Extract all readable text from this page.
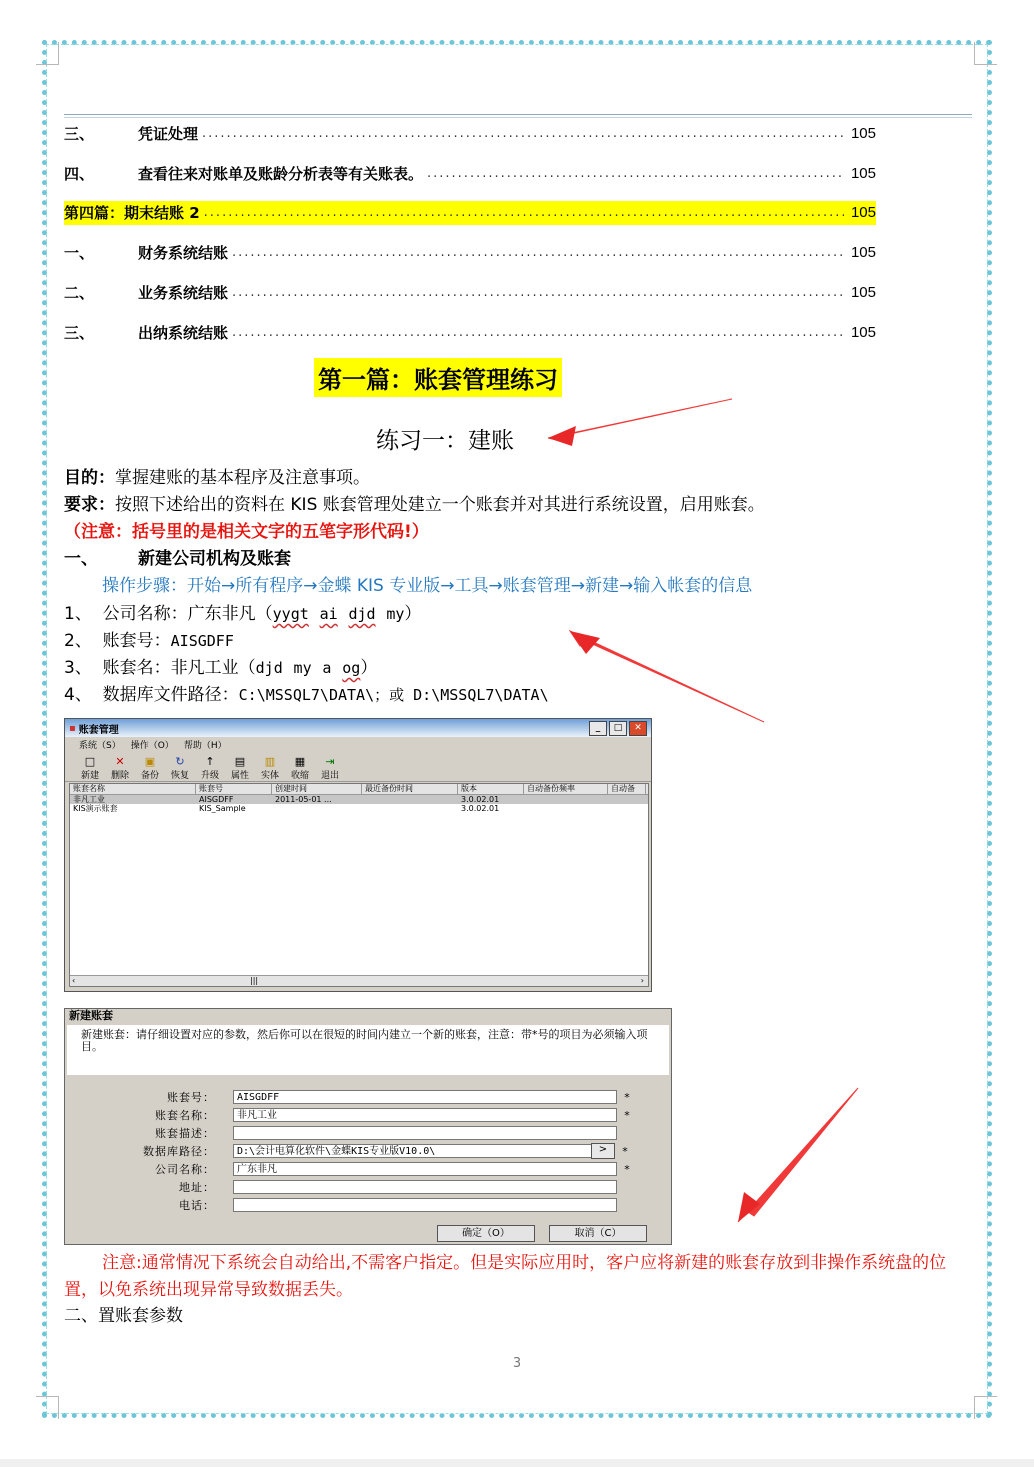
三、	凭证处理 .....	105
四、	查看往来对账单及账龄分析表等有关账表。 .....	105
第四篇：期末结账 2 .....	105
一、	财务系统结账 .....	105
二、	业务系统结账 .....	105
三、	出纳系统结账 .....	105
第一篇：账套管理练习
练习一：建账
目的：掌握建账的基本程序及注意事项。
要求：按照下述给出的资料在 KIS 账套管理处建立一个账套并对其进行系统设置，启用账套。
（注意：括号里的是相关文字的五笔字形代码!）
一、 新建公司机构及账套
操作步骤：开始→所有程序→金蝶 KIS 专业版→工具→账套管理→新建→输入帐套的信息
1、 公司名称：广东非凡（yygt ai djd my）
2、 账套号：AISGDFF
3、 账套名：非凡工业（djd my a og）
4、 数据库文件路径：C:\MSSQL7\DATA\；或 D:\MSSQL7\DATA\
▪ 账套管理	_	□	✕
系统（S） 操作（O） 帮助（H）
□
新建
✕
删除
▣
备份
↻
恢复
↑
升级
▤
属性
▥
实体
▦
收缩
⇥
退出
账套名称	账套号	创建时间	最近备份时间	版本	自动备份频率	自动备
非凡工业	AISGDFF	2011-05-01 ...	3.0.02.01
KIS演示账套	KIS_Sample	3.0.02.01
‹	|||	›
新建账套
新建账套：请仔细设置对应的参数，然后你可以在很短的时间内建立一个新的账套，注意：带*号的项目为必须输入项目。
账套号：	AISGDFF	*
账套名称：	非凡工业	*
账套描述：
数据库路径：	D:\会计电算化软件\金蝶KIS专业版V10.0\	>	*
公司名称：	广东非凡	*
地址：
电话：
确定（O）	取消（C）
注意:通常情况下系统会自动给出,不需客户指定。但是实际应用时，客户应将新建的账套存放到非操作系统盘的位置，以免系统出现异常导致数据丢失。
二、置账套参数
3
